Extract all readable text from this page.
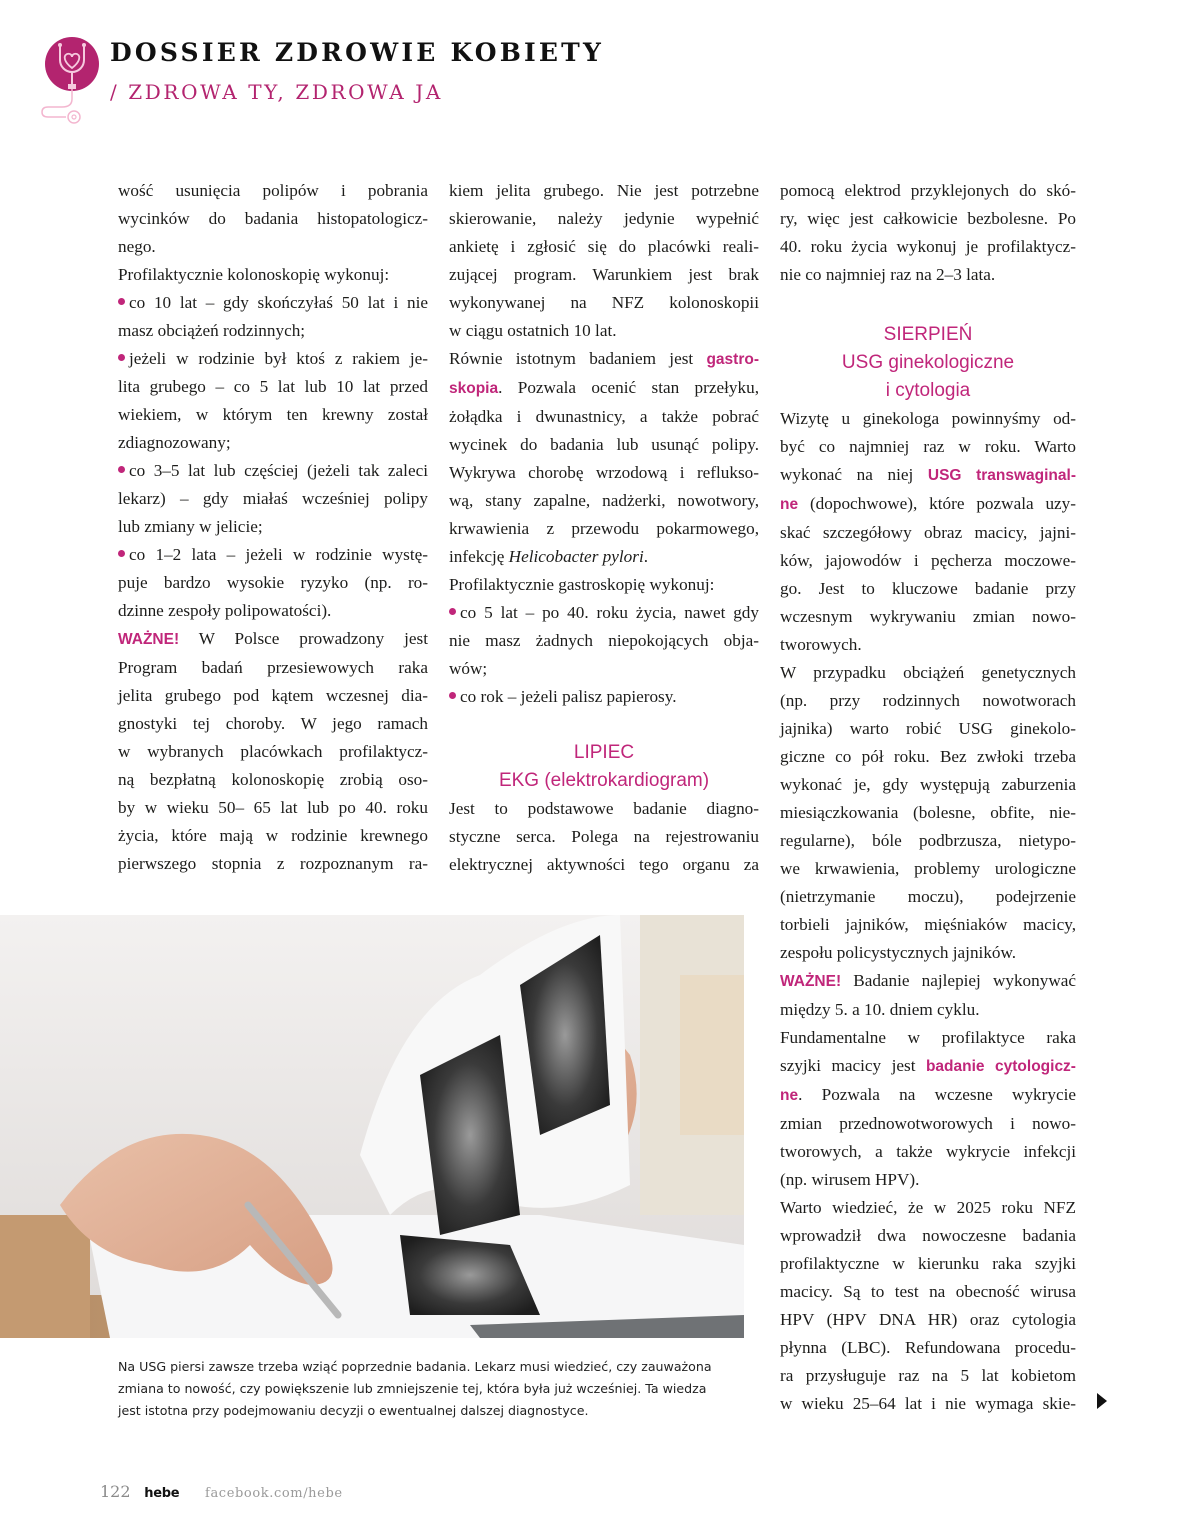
DOSSIER ZDROWIE KOBIETY
/ ZDROWA TY, ZDROWA JA

wość usunięcia polipów i pobrania
wycinków do badania histopatologicz-
nego.

Profilaktycznie kolonoskopię wykonuj:

co 10 lat – gdy skończyłaś 50 lat i nie
masz obciążeń rodzinnych;
jeżeli w rodzinie był ktoś z rakiem je-
lita grubego – co 5 lat lub 10 lat przed
wiekiem, w którym ten krewny został
zdiagnozowany;
co 3–5 lat lub częściej (jeżeli tak zaleci
lekarz) – gdy miałaś wcześniej polipy
lub zmiany w jelicie;
co 1–2 lata – jeżeli w rodzinie wystę-
puje bardzo wysokie ryzyko (np. ro-
dzinne zespoły polipowatości).

WAŻNE! W Polsce prowadzony jest
Program badań przesiewowych raka
jelita grubego pod kątem wczesnej dia-
gnostyki tej choroby. W jego ramach
w wybranych placówkach profilaktycz-
ną bezpłatną kolonoskopię zrobią oso-
by w wieku 50– 65 lat lub po 40. roku
życia, które mają w rodzinie krewnego
pierwszego stopnia z rozpoznanym ra-

kiem jelita grubego. Nie jest potrzebne
skierowanie, należy jedynie wypełnić
ankietę i zgłosić się do placówki reali-
zującej program. Warunkiem jest brak
wykonywanej na NFZ kolonoskopii
w ciągu ostatnich 10 lat.

Równie istotnym badaniem jest gastro-
skopia. Pozwala ocenić stan przełyku,
żołądka i dwunastnicy, a także pobrać
wycinek do badania lub usunąć polipy.
Wykrywa chorobę wrzodową i reflukso-
wą, stany zapalne, nadżerki, nowotwory,
krwawienia z przewodu pokarmowego,
infekcję Helicobacter pylori.

Profilaktycznie gastroskopię wykonuj:

co 5 lat – po 40. roku życia, nawet gdy
nie masz żadnych niepokojących obja-
wów;
co rok – jeżeli palisz papierosy.
LIPIEC
EKG (elektrokardiogram)

Jest to podstawowe badanie diagno-
styczne serca. Polega na rejestrowaniu
elektrycznej aktywności tego organu za

pomocą elektrod przyklejonych do skó-
ry, więc jest całkowicie bezbolesne. Po
40. roku życia wykonuj je profilaktycz-
nie co najmniej raz na 2–3 lata.

SIERPIEŃ
USG ginekologiczne
i cytologia

Wizytę u ginekologa powinnyśmy od-
być co najmniej raz w roku. Warto
wykonać na niej USG transwaginal-
ne (dopochwowe), które pozwala uzy-
skać szczegółowy obraz macicy, jajni-
ków, jajowodów i pęcherza moczowe-
go. Jest to kluczowe badanie przy
wczesnym wykrywaniu zmian nowo-
tworowych.

W przypadku obciążeń genetycznych
(np. przy rodzinnych nowotworach
jajnika) warto robić USG ginekolo-
giczne co pół roku. Bez zwłoki trzeba
wykonać je, gdy występują zaburzenia
miesiączkowania (bolesne, obfite, nie-
regularne), bóle podbrzusza, nietypo-
we krwawienia, problemy urologiczne
(nietrzymanie moczu), podejrzenie
torbieli jajników, mięśniaków macicy,
zespołu policystycznych jajników.

WAŻNE! Badanie najlepiej wykonywać
między 5. a 10. dniem cyklu.

Fundamentalne w profilaktyce raka
szyjki macicy jest badanie cytologicz-
ne. Pozwala na wczesne wykrycie
zmian przednowotworowych i nowo-
tworowych, a także wykrycie infekcji
(np. wirusem HPV).

Warto wiedzieć, że w 2025 roku NFZ
wprowadził dwa nowoczesne badania
profilaktyczne w kierunku raka szyjki
macicy. Są to test na obecność wirusa
HPV (HPV DNA HR) oraz cytologia
płynna (LBC). Refundowana procedu-
ra przysługuje raz na 5 lat kobietom
w wieku 25–64 lat i nie wymaga skie-

Na USG piersi zawsze trzeba wziąć poprzednie badania. Lekarz musi wiedzieć, czy zauważona
zmiana to nowość, czy powiększenie lub zmniejszenie tej, która była już wcześniej. Ta wiedza
jest istotna przy podejmowaniu decyzji o ewentualnej dalszej diagnostyce.
122 hebe facebook.com/hebe
